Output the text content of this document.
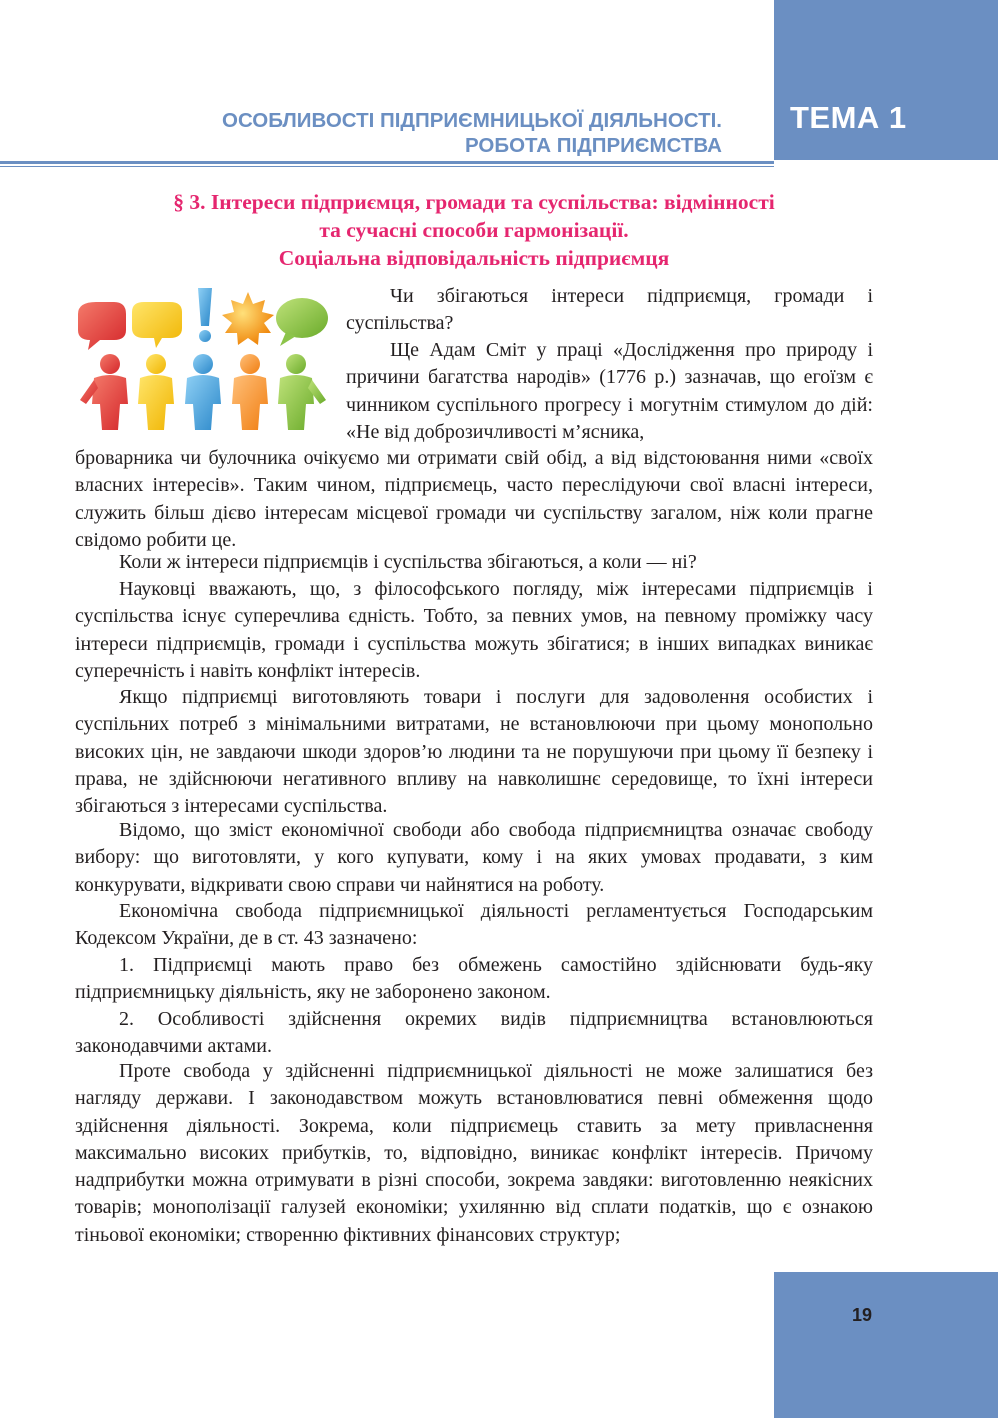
ТЕМА 1
ОСОБЛИВОСТІ ПІДПРИЄМНИЦЬКОЇ ДІЯЛЬНОСТІ.
РОБОТА ПІДПРИЄМСТВА
§ 3. Інтереси підприємця, громади та суспільства: відмінності
та сучасні способи гармонізації.
Соціальна відповідальність підприємця
Чи збігаються інтереси підприємця, громади і суспільства?
Ще Адам Сміт у праці «Дослідження про природу і причини багатства народів» (1776 р.) зазначав, що егоїзм є чинником суспільного прогресу і могутнім стимулом до дій: «Не від доброзичливості м’ясника,
броварника чи булочника очікуємо ми отримати свій обід, а від відстоювання ними «своїх власних інтересів». Таким чином, підприємець, часто переслідуючи свої власні інтереси, служить більш дієво інтересам місцевої громади чи суспільству загалом, ніж коли прагне свідомо робити це.
Коли ж інтереси підприємців і суспільства збігаються, а коли — ні?
Науковці вважають, що, з філософського погляду, між інтересами підприємців і суспільства існує суперечлива єдність. Тобто, за певних умов, на певному проміжку часу інтереси підприємців, громади і суспільства можуть збігатися; в інших випадках виникає суперечність і навіть конфлікт інтересів.
Якщо підприємці виготовляють товари і послуги для задоволення особистих і суспільних потреб з мінімальними витратами, не встановлюючи при цьому монопольно високих цін, не завдаючи шкоди здоров’ю людини та не порушуючи при цьому її безпеку і права, не здійснюючи негативного впливу на навколишнє середовище, то їхні інтереси збігаються з інтересами суспільства.
Відомо, що зміст економічної свободи або свобода підприємництва означає свободу вибору: що виготовляти, у кого купувати, кому і на яких умовах продавати, з ким конкурувати, відкривати свою справи чи найнятися на роботу.
Економічна свобода підприємницької діяльності регламентується Господарським Кодексом України, де в ст. 43 зазначено:
1. Підприємці мають право без обмежень самостійно здійснювати будь-яку підприємницьку діяльність, яку не заборонено законом.
2. Особливості здійснення окремих видів підприємництва встановлюються законодавчими актами.
Проте свобода у здійсненні підприємницької діяльності не може залишатися без нагляду держави. І законодавством можуть встановлюватися певні обмеження щодо здійснення діяльності. Зокрема, коли підприємець ставить за мету привласнення максимально високих прибутків, то, відповідно, виникає конфлікт інтересів. Причому надприбутки можна отримувати в різні способи, зокрема завдяки: виготовленню неякісних товарів; монополізації галузей економіки; ухилянню від сплати податків, що є ознакою тіньової економіки; створенню фіктивних фінансових структур;
19
